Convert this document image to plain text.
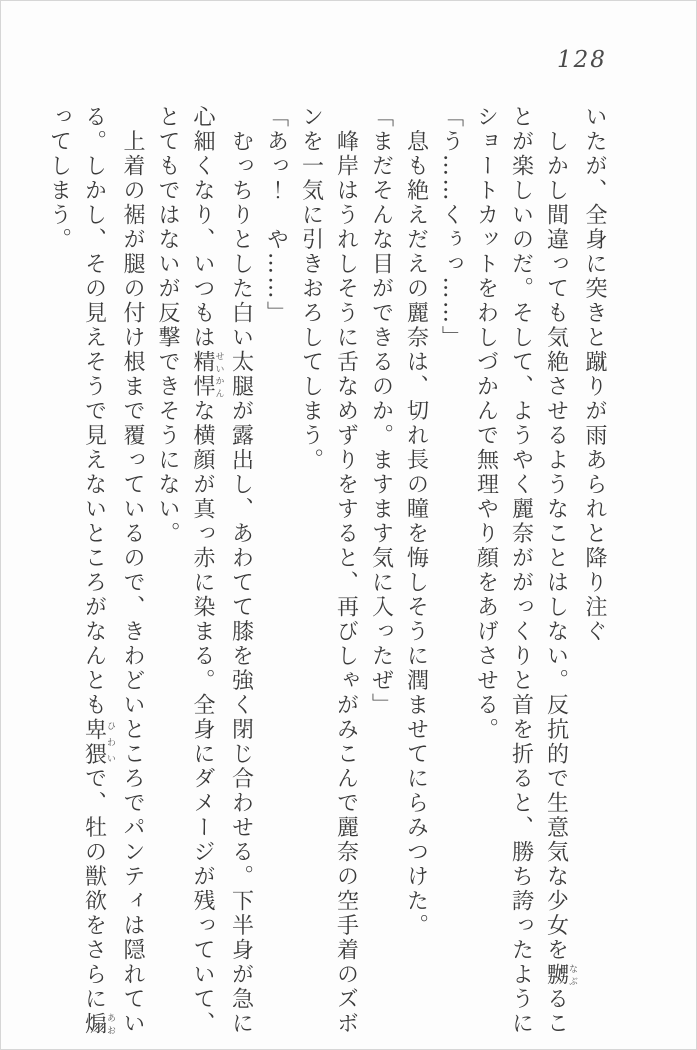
128

いたが、全身に突きと蹴りが雨あられと降り注ぐ

　しかし間違っても気絶させるようなことはしない。反抗的で生意気な少女を嬲なぶるこ

とが楽しいのだ。そして、ようやく麗奈ががっくりと首を折ると、勝ち誇ったように

ショートカットをわしづかんで無理やり顔をあげさせる。

「う……くぅっ……」

　息も絶えだえの麗奈は、切れ長の瞳を悔しそうに潤ませてにらみつけた。

「まだそんな目ができるのか。ますます気に入ったぜ」

　峰岸はうれしそうに舌なめずりをすると、再びしゃがみこんで麗奈の空手着のズボ

ンを一気に引きおろしてしまう。

「あっ！　や……」

　むっちりとした白い太腿が露出し、あわてて膝を強く閉じ合わせる。下半身が急に

心細くなり、いつもは精悍せいかんな横顔が真っ赤に染まる。全身にダメージが残っていて、

とてもではないが反撃できそうにない。

　上着の裾が腿の付け根まで覆っているので、きわどいところでパンティは隠れてい

る。しかし、その見えそうで見えないところがなんとも卑猥ひわいで、牡の獣欲をさらに煽あお

ってしまう。
